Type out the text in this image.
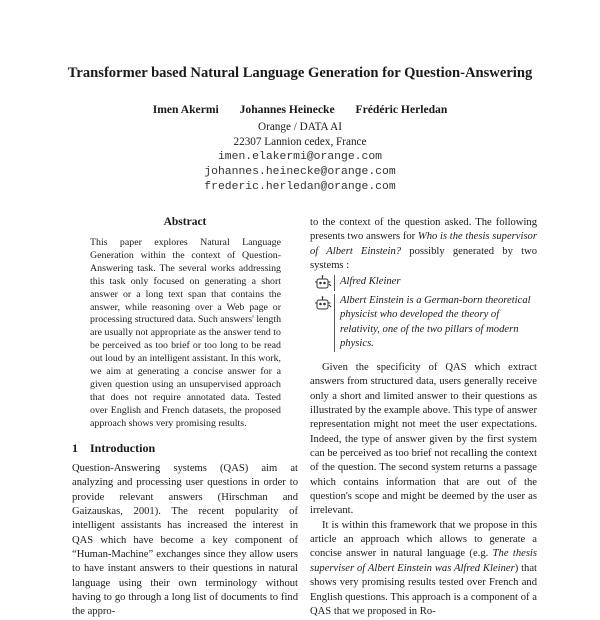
Transformer based Natural Language Generation for Question-Answering
Imen Akermi Johannes Heinecke Frédéric Herledan
Orange / DATA AI
22307 Lannion cedex, France
imen.elakermi@orange.com
johannes.heinecke@orange.com
frederic.herledan@orange.com
Abstract
This paper explores Natural Language Generation within the context of Question-Answering task. The several works addressing this task only focused on generating a short answer or a long text span that contains the answer, while reasoning over a Web page or processing structured data. Such answers' length are usually not appropriate as the answer tend to be perceived as too brief or too long to be read out loud by an intelligent assistant. In this work, we aim at generating a concise answer for a given question using an unsupervised approach that does not require annotated data. Tested over English and French datasets, the proposed approach shows very promising results.
1 Introduction
Question-Answering systems (QAS) aim at analyzing and processing user questions in order to provide relevant answers (Hirschman and Gaizauskas, 2001). The recent popularity of intelligent assistants has increased the interest in QAS which have become a key component of “Human-Machine” exchanges since they allow users to have instant answers to their questions in natural language using their own terminology without having to go through a long list of documents to find the appro-
to the context of the question asked. The following presents two answers for Who is the thesis supervisor of Albert Einstein? possibly generated by two systems :
Alfred Kleiner
Albert Einstein is a German-born theoretical physicist who developed the theory of relativity, one of the two pillars of modern physics.

Given the specificity of QAS which extract answers from structured data, users generally receive only a short and limited answer to their questions as illustrated by the example above. This type of answer representation might not meet the user expectations. Indeed, the type of answer given by the first system can be perceived as too brief not recalling the context of the question. The second system returns a passage which contains information that are out of the question's scope and might be deemed by the user as irrelevant.

It is within this framework that we propose in this article an approach which allows to generate a concise answer in natural language (e.g. The thesis superviser of Albert Einstein was Alfred Kleiner) that shows very promising results tested over French and English questions. This approach is a component of a QAS that we proposed in Ro-
